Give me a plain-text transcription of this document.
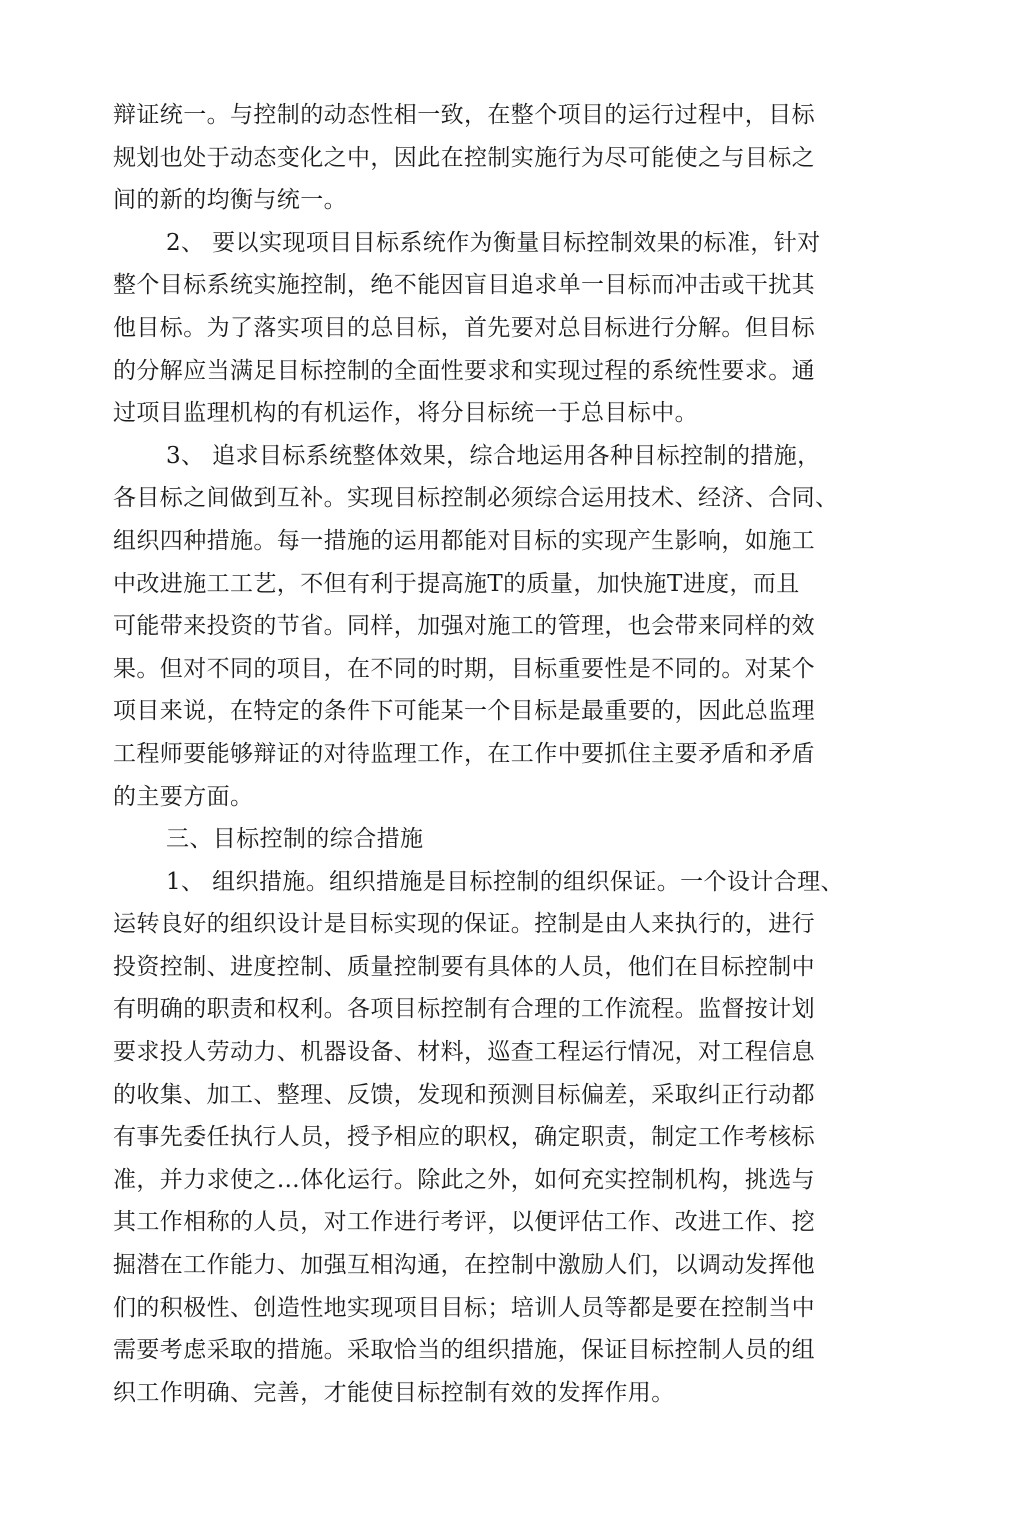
辩证统一。与控制的动态性相一致，在整个项目的运行过程中，目标
规划也处于动态变化之中，因此在控制实施行为尽可能使之与目标之
间的新的均衡与统一。
2、 要以实现项目目标系统作为衡量目标控制效果的标准，针对
整个目标系统实施控制，绝不能因盲目追求单一目标而冲击或干扰其
他目标。为了落实项目的总目标，首先要对总目标进行分解。但目标
的分解应当满足目标控制的全面性要求和实现过程的系统性要求。通
过项目监理机构的有机运作，将分目标统一于总目标中。
3、 追求目标系统整体效果，综合地运用各种目标控制的措施，
各目标之间做到互补。实现目标控制必须综合运用技术、经济、合同、
组织四种措施。每一措施的运用都能对目标的实现产生影响，如施工
中改进施工工艺，不但有利于提高施T的质量，加快施T进度，而且
可能带来投资的节省。同样，加强对施工的管理，也会带来同样的效
果。但对不同的项目，在不同的时期，目标重要性是不同的。对某个
项目来说，在特定的条件下可能某一个目标是最重要的，因此总监理
工程师要能够辩证的对待监理工作，在工作中要抓住主要矛盾和矛盾
的主要方面。
三、目标控制的综合措施
1、 组织措施。组织措施是目标控制的组织保证。一个设计合理、
运转良好的组织设计是目标实现的保证。控制是由人来执行的，进行
投资控制、进度控制、质量控制要有具体的人员，他们在目标控制中
有明确的职责和权利。各项目标控制有合理的工作流程。监督按计划
要求投人劳动力、机器设备、材料，巡查工程运行情况，对工程信息
的收集、加工、整理、反馈，发现和预测目标偏差，采取纠正行动都
有事先委任执行人员，授予相应的职权，确定职责，制定工作考核标
准，并力求使之…体化运行。除此之外，如何充实控制机构，挑选与
其工作相称的人员，对工作进行考评，以便评估工作、改进工作、挖
掘潜在工作能力、加强互相沟通，在控制中激励人们，以调动发挥他
们的积极性、创造性地实现项目目标；培训人员等都是要在控制当中
需要考虑采取的措施。采取恰当的组织措施，保证目标控制人员的组
织工作明确、完善，才能使目标控制有效的发挥作用。
